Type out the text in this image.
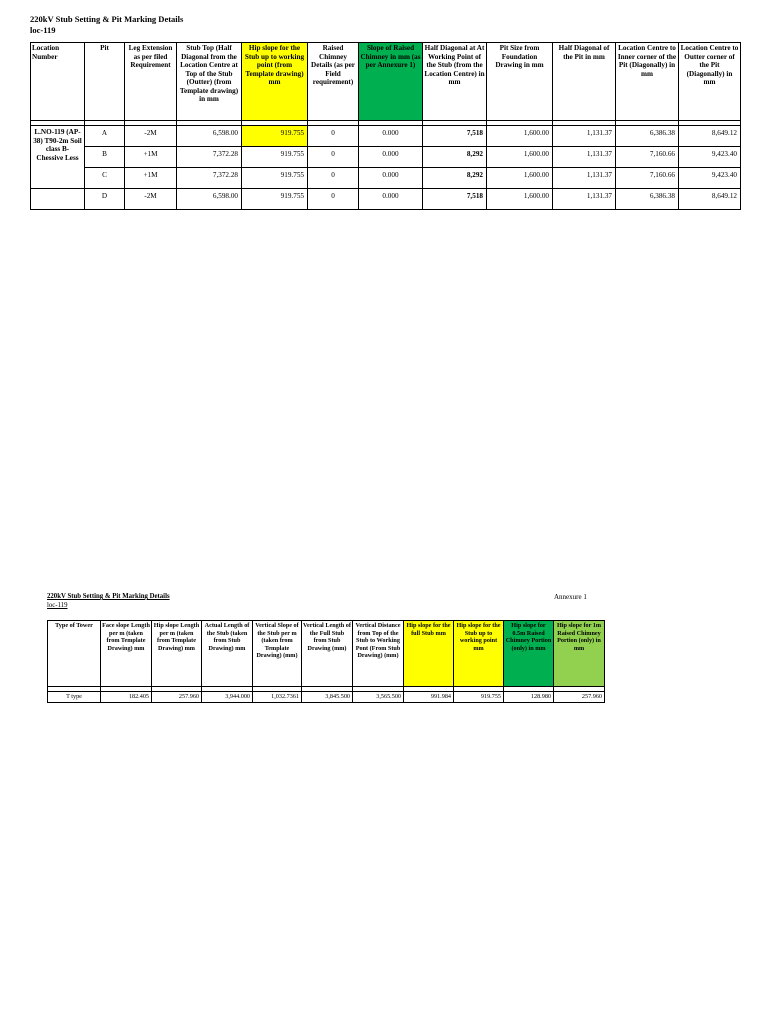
220kV Stub Setting & Pit Marking Details
loc-119
Location Number	Pit	Leg Extension as per filed Requirement	Stub Top (Half Diagonal from the Location Centre at Top of the Stub (Outter) (from Template drawing) in mm	Hip slope for the Stub up to working point (from Template drawing) mm	Raised Chimney Details (as per Field requirement)	Slope of Raised Chimney in mm (as per Annexure 1)	Half Diagonal at At Working Point of the Stub (from the Location Centre) in mm	Pit Size from Foundation Drawing in mm	Half Diagonal of the Pit in mm	Location Centre to Inner corner of the Pit (Diagonally) in mm	Location Centre to Outter corner of the Pit (Diagonally) in mm

L.NO-119 (AP-38) T90-2m Soil class B- Chessive Less	A	-2M	6,598.00	919.755	0	0.000	7,518	1,600.00	1,131.37	6,386.38	8,649.12
	B	+1M	7,372.28	919.755	0	0.000	8,292	1,600.00	1,131.37	7,160.66	9,423.40
	C	+1M	7,372.28	919.755	0	0.000	8,292	1,600.00	1,131.37	7,160.66	9,423.40
	D	-2M	6,598.00	919.755	0	0.000	7,518	1,600.00	1,131.37	6,386.38	8,649.12
220kV Stub Setting & Pit Marking Details
loc-119
Annexure 1
Type of Tower	Face slope Length per m (taken from Template Drawing) mm	Hip slope Length per m (taken from Template Drawing) mm	Actual Length of the Stub (taken from Stub Drawing) mm	Vertical Slope of the Stub per m (taken from Template Drawing) (mm)	Vertical Length of the Full Stub from Stub Drawing (mm)	Vertical Distance from Top of the Stub to Working Pont (From Stub Drawing) (mm)	Hip slope for the full Stub mm	Hip slope for the Stub up to working point mm	Hip slope for 0.5m Raised Chimney Portion (only) in mm	Hip slope for 1m Raised Chimney Portion (only) in mm

T type	182.405	257.960	3,944.000	1,032.7361	3,845.500	3,565.500	991.984	919.755	128.980	257.960
